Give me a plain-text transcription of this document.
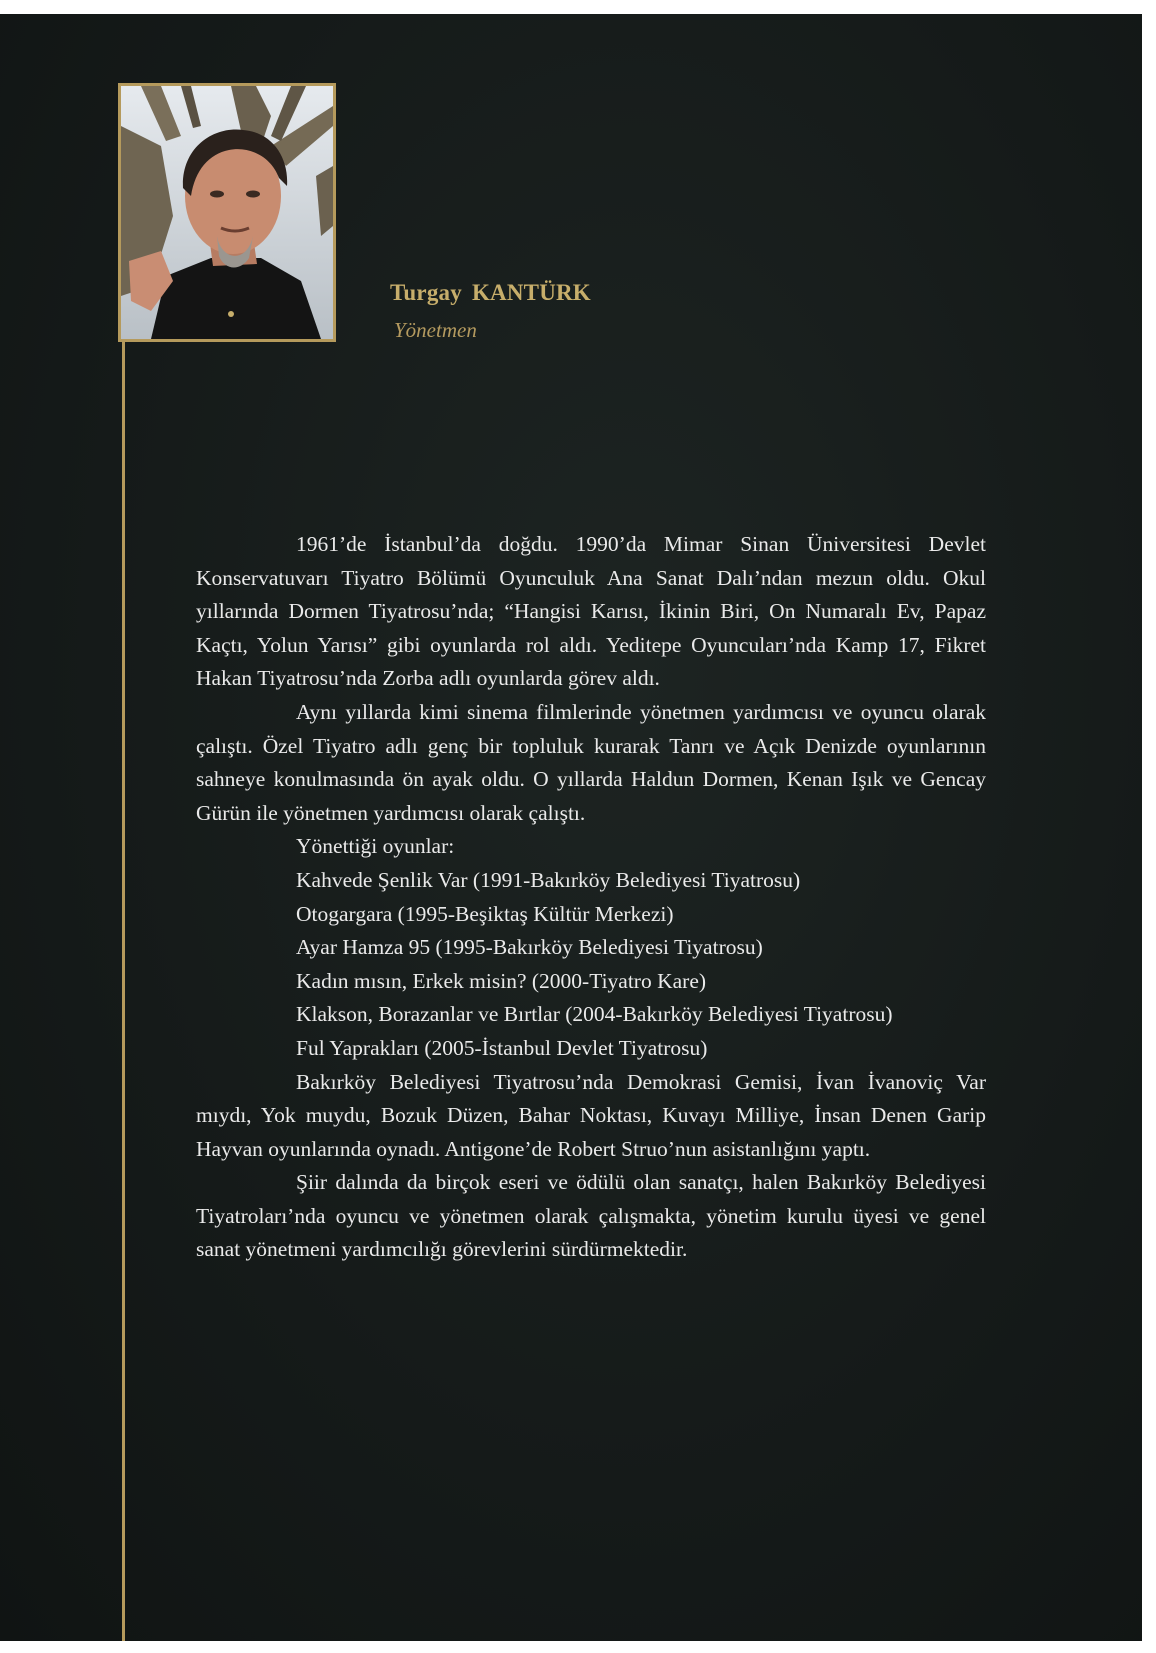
Turgay KANTÜRK
Yönetmen

1961’de İstanbul’da doğdu. 1990’da Mimar Sinan Üniversitesi Devlet Konservatuvarı Tiyatro Bölümü Oyunculuk Ana Sanat Dalı’ndan mezun oldu. Okul yıllarında Dormen Tiyatrosu’nda; “Hangisi Karısı, İkinin Biri, On Numaralı Ev, Papaz Kaçtı, Yolun Yarısı” gibi oyunlarda rol aldı. Yeditepe Oyuncuları’nda Kamp 17, Fikret Hakan Tiyatrosu’nda Zorba adlı oyunlarda görev aldı.

Aynı yıllarda kimi sinema filmlerinde yönetmen yardımcısı ve oyuncu olarak çalıştı. Özel Tiyatro adlı genç bir topluluk kurarak Tanrı ve Açık Denizde oyunlarının sahneye konulmasında ön ayak oldu. O yıllarda Haldun Dormen, Kenan Işık ve Gencay Gürün ile yönetmen yardımcısı olarak çalıştı.

Yönettiği oyunlar:

Kahvede Şenlik Var (1991-Bakırköy Belediyesi Tiyatrosu)
Otogargara (1995-Beşiktaş Kültür Merkezi)
Ayar Hamza 95 (1995-Bakırköy Belediyesi Tiyatrosu)
Kadın mısın, Erkek misin? (2000-Tiyatro Kare)
Klakson, Borazanlar ve Bırtlar (2004-Bakırköy Belediyesi Tiyatrosu)
Ful Yaprakları (2005-İstanbul Devlet Tiyatrosu)

Bakırköy Belediyesi Tiyatrosu’nda Demokrasi Gemisi, İvan İvanoviç Var mıydı, Yok muydu, Bozuk Düzen, Bahar Noktası, Kuvayı Milliye, İnsan Denen Garip Hayvan oyunlarında oynadı. Antigone’de Robert Struo’nun asistanlığını yaptı.

Şiir dalında da birçok eseri ve ödülü olan sanatçı, halen Bakırköy Belediyesi Tiyatroları’nda oyuncu ve yönetmen olarak çalışmakta, yönetim kurulu üyesi ve genel sanat yönetmeni yardımcılığı görevlerini sürdürmektedir.
